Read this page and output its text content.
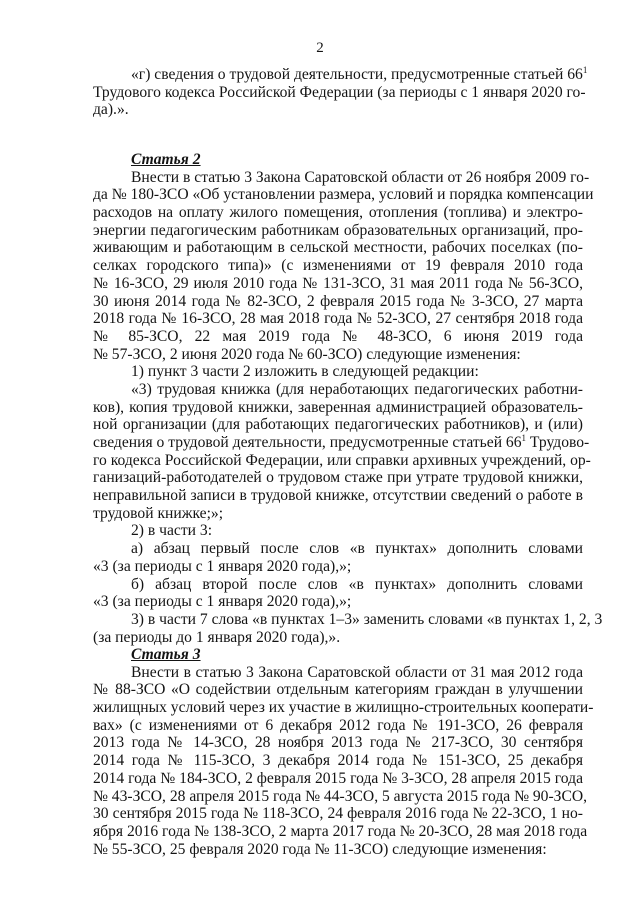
2
«г) сведения о трудовой деятельности, предусмотренные статьей $66^1$
Трудового кодекса Российской Федерации (за периоды с 1 января 2020 го-
да).».
Статья 2
Внести в статью 3 Закона Саратовской области от 26 ноября 2009 го-
да № 180-ЗСО «Об установлении размера, условий и порядка компенсации
расходов на оплату жилого помещения, отопления (топлива) и электро-
энергии педагогическим работникам образовательных организаций, про-
живающим и работающим в сельской местности, рабочих поселках (по-
селках городского типа)» (с изменениями от 19 февраля 2010 года
№ 16-ЗСО, 29 июля 2010 года № 131-ЗСО, 31 мая 2011 года № 56-ЗСО,
30 июня 2014 года № 82-ЗСО, 2 февраля 2015 года № 3-ЗСО, 27 марта
2018 года № 16-ЗСО, 28 мая 2018 года № 52-ЗСО, 27 сентября 2018 года
№ 85-ЗСО, 22 мая 2019 года № 48-ЗСО, 6 июня 2019 года
№ 57-ЗСО, 2 июня 2020 года № 60-ЗСО) следующие изменения:
1) пункт 3 части 2 изложить в следующей редакции:
«3) трудовая книжка (для неработающих педагогических работни-
ков), копия трудовой книжки, заверенная администрацией образователь-
ной организации (для работающих педагогических работников), и (или)
сведения о трудовой деятельности, предусмотренные статьей $66^1$ Трудово-
го кодекса Российской Федерации, или справки архивных учреждений, ор-
ганизаций-работодателей о трудовом стаже при утрате трудовой книжки,
неправильной записи в трудовой книжке, отсутствии сведений о работе в
трудовой книжке;»;
2) в части 3:
а) абзац первый после слов «в пунктах» дополнить словами
«3 (за периоды с 1 января 2020 года),»;
б) абзац второй после слов «в пунктах» дополнить словами
«3 (за периоды с 1 января 2020 года),»;
3) в части 7 слова «в пунктах 1–3» заменить словами «в пунктах 1, 2, 3
(за периоды до 1 января 2020 года),».
Статья 3
Внести в статью 3 Закона Саратовской области от 31 мая 2012 года
№ 88-ЗСО «О содействии отдельным категориям граждан в улучшении
жилищных условий через их участие в жилищно-строительных кооперати-
вах» (с изменениями от 6 декабря 2012 года № 191-ЗСО, 26 февраля
2013 года № 14-ЗСО, 28 ноября 2013 года № 217-ЗСО, 30 сентября
2014 года № 115-ЗСО, 3 декабря 2014 года № 151-ЗСО, 25 декабря
2014 года № 184-ЗСО, 2 февраля 2015 года № 3-ЗСО, 28 апреля 2015 года
№ 43-ЗСО, 28 апреля 2015 года № 44-ЗСО, 5 августа 2015 года № 90-ЗСО,
30 сентября 2015 года № 118-ЗСО, 24 февраля 2016 года № 22-ЗСО, 1 но-
ября 2016 года № 138-ЗСО, 2 марта 2017 года № 20-ЗСО, 28 мая 2018 года
№ 55-ЗСО, 25 февраля 2020 года № 11-ЗСО) следующие изменения:
